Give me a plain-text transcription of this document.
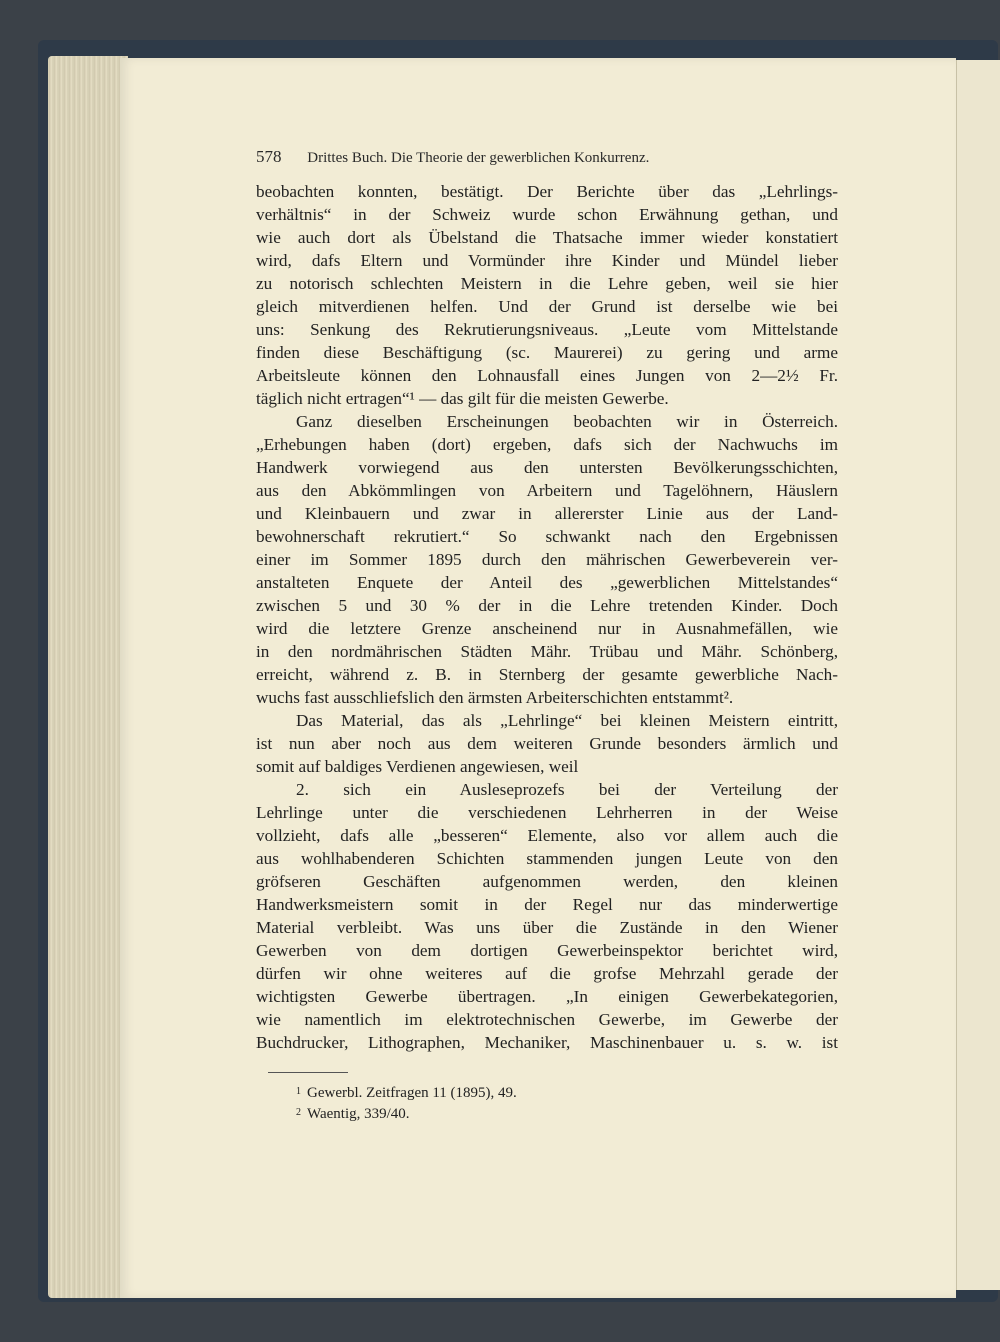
578 Drittes Buch. Die Theorie der gewerblichen Konkurrenz.
beobachten konnten, bestätigt. Der Berichte über das „Lehrlings-
verhältnis“ in der Schweiz wurde schon Erwähnung gethan, und
wie auch dort als Übelstand die Thatsache immer wieder konstatiert
wird, dafs Eltern und Vormünder ihre Kinder und Mündel lieber
zu notorisch schlechten Meistern in die Lehre geben, weil sie hier
gleich mitverdienen helfen. Und der Grund ist derselbe wie bei
uns: Senkung des Rekrutierungsniveaus. „Leute vom Mittelstande
finden diese Beschäftigung (sc. Maurerei) zu gering und arme
Arbeitsleute können den Lohnausfall eines Jungen von 2—2½ Fr.
täglich nicht ertragen“¹ — das gilt für die meisten Gewerbe.
Ganz dieselben Erscheinungen beobachten wir in Österreich.
„Erhebungen haben (dort) ergeben, dafs sich der Nachwuchs im
Handwerk vorwiegend aus den untersten Bevölkerungsschichten,
aus den Abkömmlingen von Arbeitern und Tagelöhnern, Häuslern
und Kleinbauern und zwar in allererster Linie aus der Land-
bewohnerschaft rekrutiert.“ So schwankt nach den Ergebnissen
einer im Sommer 1895 durch den mährischen Gewerbeverein ver-
anstalteten Enquete der Anteil des „gewerblichen Mittelstandes“
zwischen 5 und 30 % der in die Lehre tretenden Kinder. Doch
wird die letztere Grenze anscheinend nur in Ausnahmefällen, wie
in den nordmährischen Städten Mähr. Trübau und Mähr. Schönberg,
erreicht, während z. B. in Sternberg der gesamte gewerbliche Nach-
wuchs fast ausschliefslich den ärmsten Arbeiterschichten entstammt².
Das Material, das als „Lehrlinge“ bei kleinen Meistern eintritt,
ist nun aber noch aus dem weiteren Grunde besonders ärmlich und
somit auf baldiges Verdienen angewiesen, weil
2. sich ein Ausleseprozefs bei der Verteilung der
Lehrlinge unter die verschiedenen Lehrherren in der Weise
vollzieht, dafs alle „besseren“ Elemente, also vor allem auch die
aus wohlhabenderen Schichten stammenden jungen Leute von den
gröfseren Geschäften aufgenommen werden, den kleinen
Handwerksmeistern somit in der Regel nur das minderwertige
Material verbleibt. Was uns über die Zustände in den Wiener
Gewerben von dem dortigen Gewerbeinspektor berichtet wird,
dürfen wir ohne weiteres auf die grofse Mehrzahl gerade der
wichtigsten Gewerbe übertragen. „In einigen Gewerbekategorien,
wie namentlich im elektrotechnischen Gewerbe, im Gewerbe der
Buchdrucker, Lithographen, Mechaniker, Maschinenbauer u. s. w. ist
$^1$ Gewerbl. Zeitfragen 11 (1895), 49.
$^2$ Waentig, 339/40.
